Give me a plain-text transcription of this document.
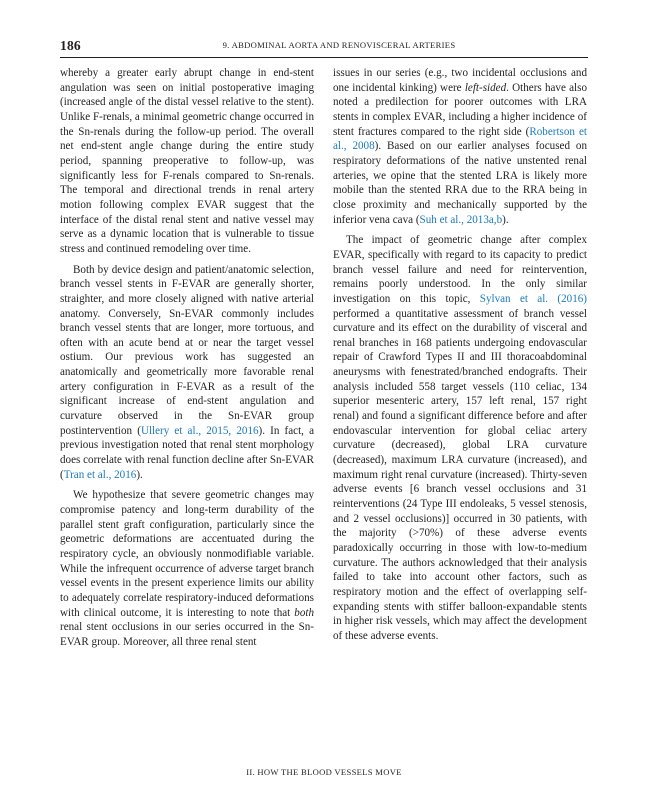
186	9. ABDOMINAL AORTA AND RENOVISCERAL ARTERIES

whereby a greater early abrupt change in end-stent angulation was seen on initial postoperative imaging (increased angle of the distal vessel relative to the stent). Unlike F-renals, a minimal geometric change occurred in the Sn-renals during the follow-up period. The overall net end-stent angle change during the entire study period, spanning preoperative to follow-up, was significantly less for F-renals compared to Sn-renals. The temporal and directional trends in renal artery motion following complex EVAR suggest that the interface of the distal renal stent and native vessel may serve as a dynamic location that is vulnerable to tissue stress and continued remodeling over time.

Both by device design and patient/anatomic selection, branch vessel stents in F-EVAR are generally shorter, straighter, and more closely aligned with native arterial anatomy. Conversely, Sn-EVAR commonly includes branch vessel stents that are longer, more tortuous, and often with an acute bend at or near the target vessel ostium. Our previous work has suggested an anatomically and geometrically more favorable renal artery configuration in F-EVAR as a result of the significant increase of end-stent angulation and curvature observed in the Sn-EVAR group postintervention (Ullery et al., 2015, 2016). In fact, a previous investigation noted that renal stent morphology does correlate with renal function decline after Sn-EVAR (Tran et al., 2016).

We hypothesize that severe geometric changes may compromise patency and long-term durability of the parallel stent graft configuration, particularly since the geometric deformations are accentuated during the respiratory cycle, an obviously nonmodifiable variable. While the infrequent occurrence of adverse target branch vessel events in the present experience limits our ability to adequately correlate respiratory-induced deformations with clinical outcome, it is interesting to note that both renal stent occlusions in our series occurred in the Sn-EVAR group. Moreover, all three renal stent

issues in our series (e.g., two incidental occlusions and one incidental kinking) were left-sided. Others have also noted a predilection for poorer outcomes with LRA stents in complex EVAR, including a higher incidence of stent fractures compared to the right side (Robertson et al., 2008). Based on our earlier analyses focused on respiratory deformations of the native unstented renal arteries, we opine that the stented LRA is likely more mobile than the stented RRA due to the RRA being in close proximity and mechanically supported by the inferior vena cava (Suh et al., 2013a,b).

The impact of geometric change after complex EVAR, specifically with regard to its capacity to predict branch vessel failure and need for reintervention, remains poorly understood. In the only similar investigation on this topic, Sylvan et al. (2016) performed a quantitative assessment of branch vessel curvature and its effect on the durability of visceral and renal branches in 168 patients undergoing endovascular repair of Crawford Types II and III thoracoabdominal aneurysms with fenestrated/branched endografts. Their analysis included 558 target vessels (110 celiac, 134 superior mesenteric artery, 157 left renal, 157 right renal) and found a significant difference before and after endovascular intervention for global celiac artery curvature (decreased), global LRA curvature (decreased), maximum LRA curvature (increased), and maximum right renal curvature (increased). Thirty-seven adverse events [6 branch vessel occlusions and 31 reinterventions (24 Type III endoleaks, 5 vessel stenosis, and 2 vessel occlusions)] occurred in 30 patients, with the majority (>70%) of these adverse events paradoxically occurring in those with low-to-medium curvature. The authors acknowledged that their analysis failed to take into account other factors, such as respiratory motion and the effect of overlapping self-expanding stents with stiffer balloon-expandable stents in higher risk vessels, which may affect the development of these adverse events.

II. HOW THE BLOOD VESSELS MOVE
